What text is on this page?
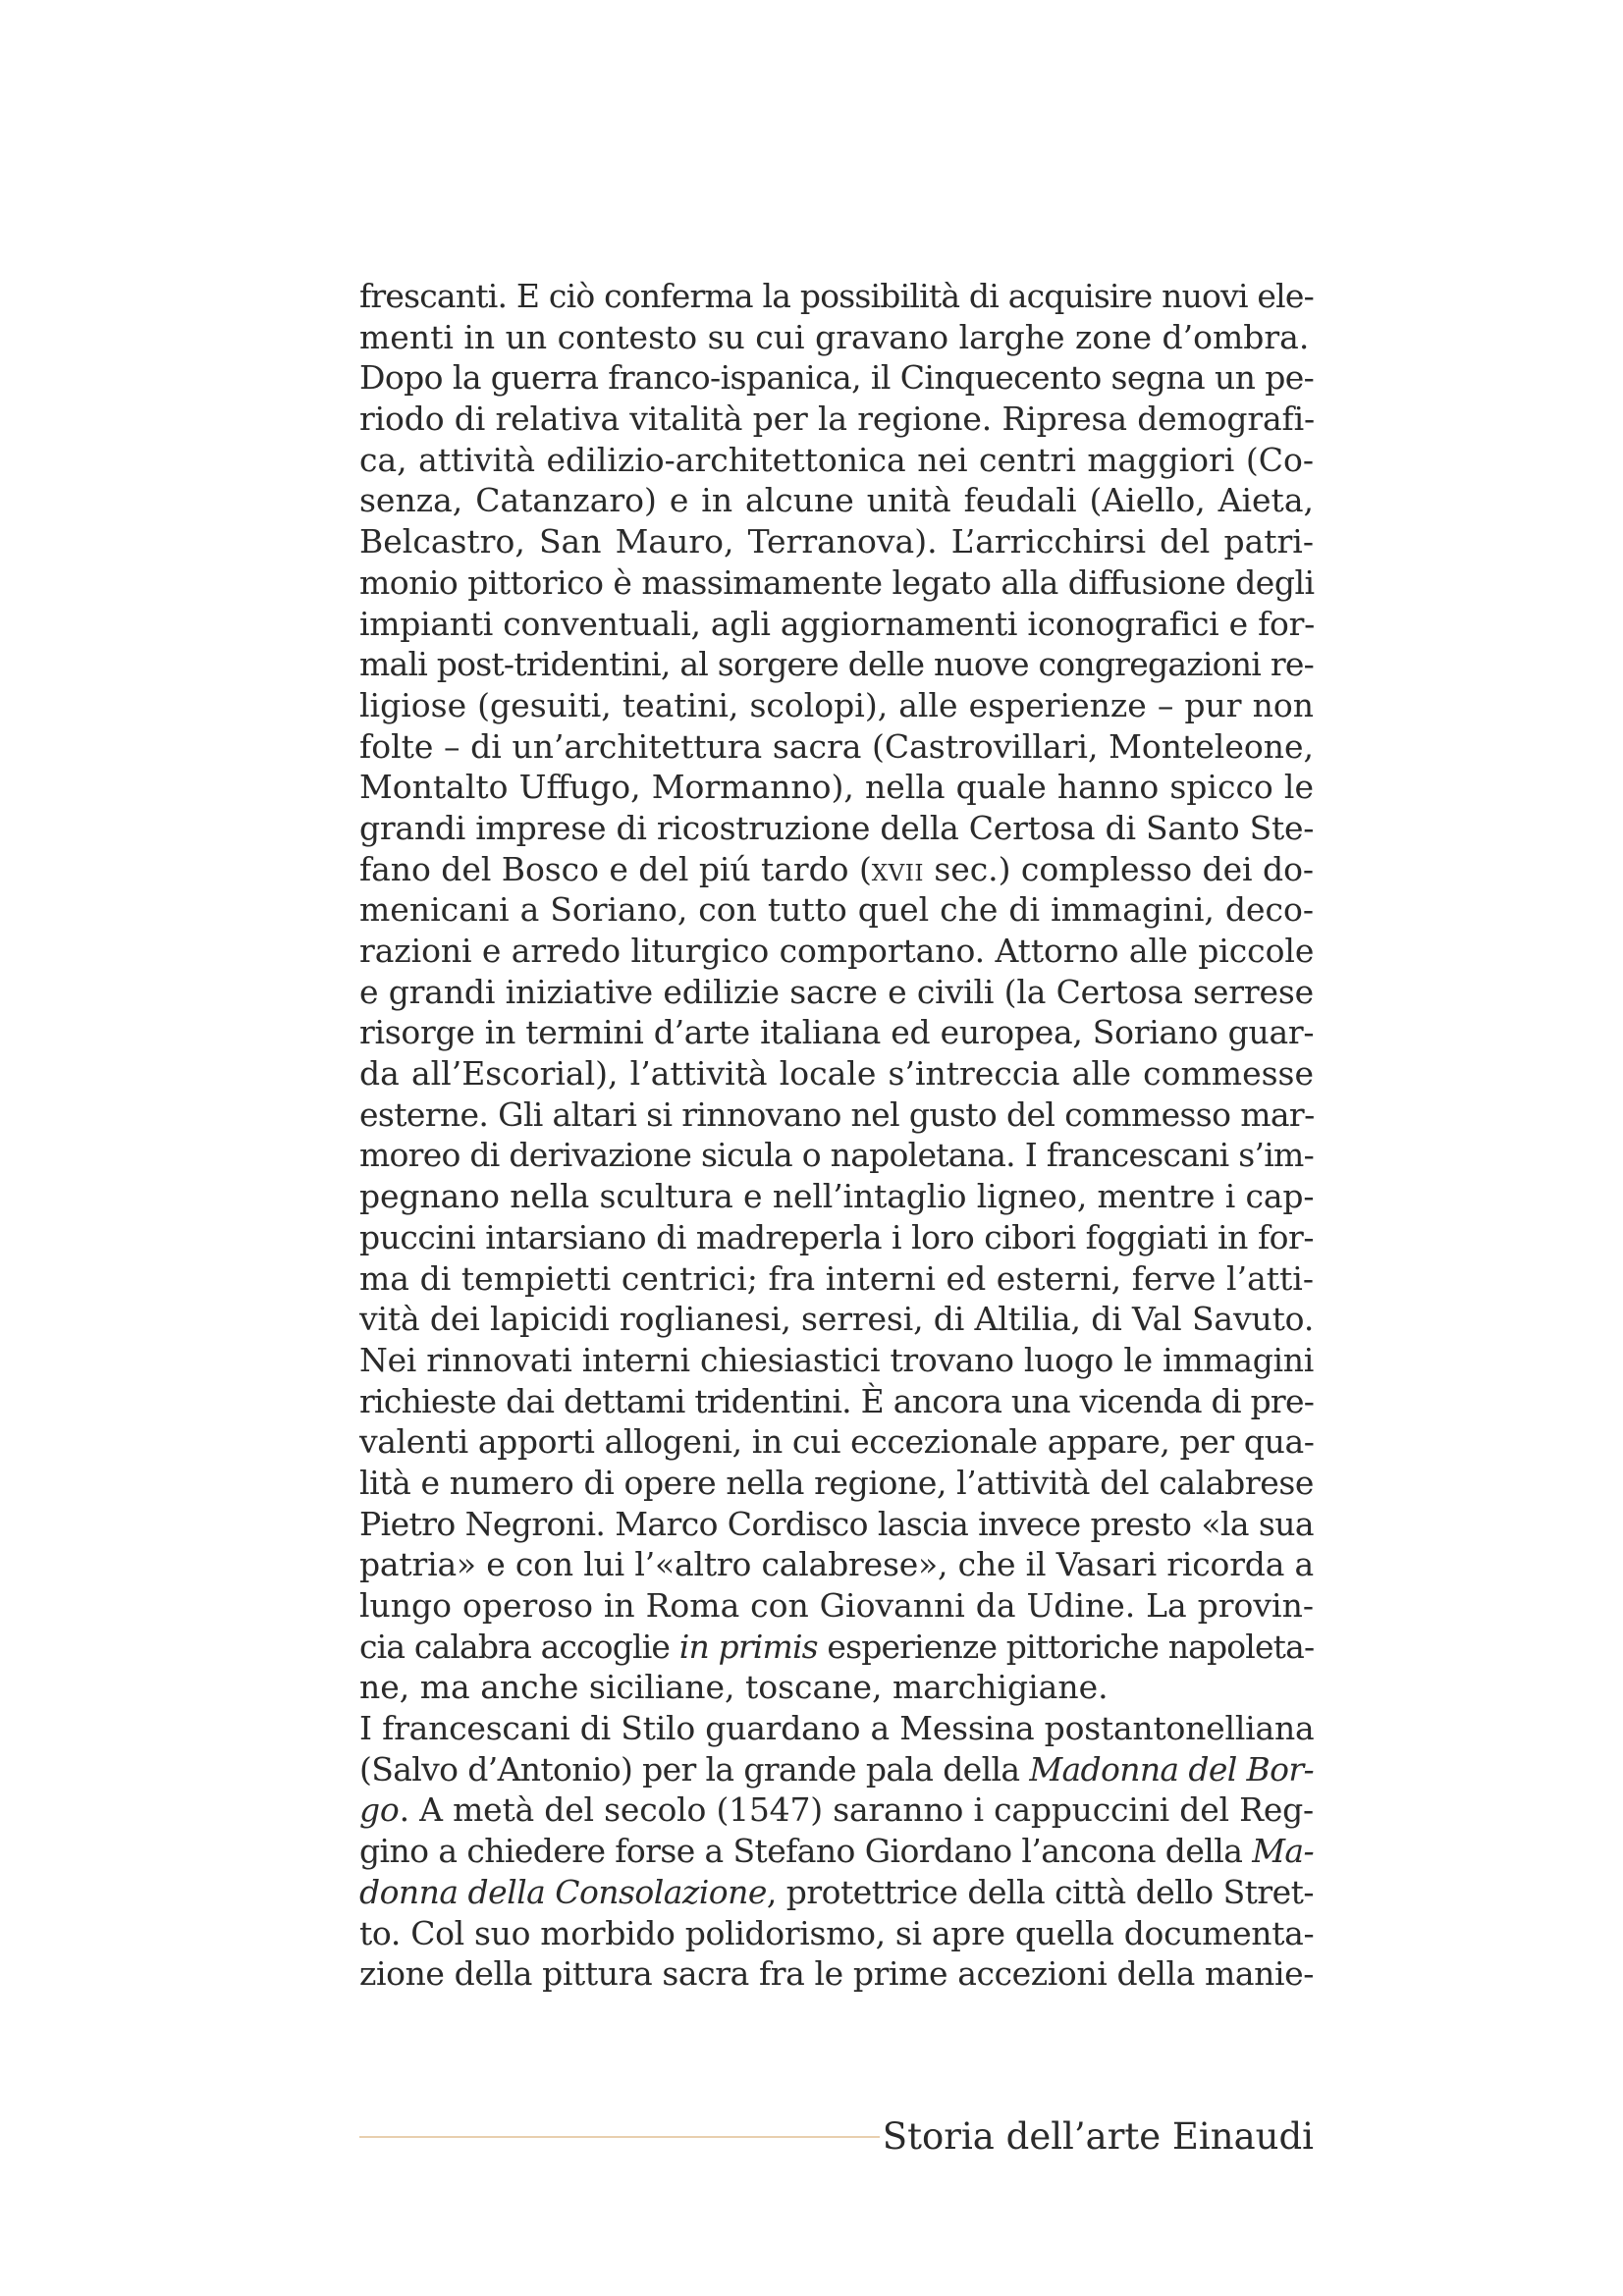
frescanti. E ciò conferma la possibilità di acquisire nuovi ele-
menti in un contesto su cui gravano larghe zone d’ombra.
Dopo la guerra franco-ispanica, il Cinquecento segna un pe-
riodo di relativa vitalità per la regione. Ripresa demografi-
ca, attività edilizio-architettonica nei centri maggiori (Co-
senza, Catanzaro) e in alcune unità feudali (Aiello, Aieta,
Belcastro, San Mauro, Terranova). L’arricchirsi del patri-
monio pittorico è massimamente legato alla diffusione degli
impianti conventuali, agli aggiornamenti iconografici e for-
mali post-tridentini, al sorgere delle nuove congregazioni re-
ligiose (gesuiti, teatini, scolopi), alle esperienze – pur non
folte – di un’architettura sacra (Castrovillari, Monteleone,
Montalto Uffugo, Mormanno), nella quale hanno spicco le
grandi imprese di ricostruzione della Certosa di Santo Ste-
fano del Bosco e del piú tardo (xvii sec.) complesso dei do-
menicani a Soriano, con tutto quel che di immagini, deco-
razioni e arredo liturgico comportano. Attorno alle piccole
e grandi iniziative edilizie sacre e civili (la Certosa serrese
risorge in termini d’arte italiana ed europea, Soriano guar-
da all’Escorial), l’attività locale s’intreccia alle commesse
esterne. Gli altari si rinnovano nel gusto del commesso mar-
moreo di derivazione sicula o napoletana. I francescani s’im-
pegnano nella scultura e nell’intaglio ligneo, mentre i cap-
puccini intarsiano di madreperla i loro cibori foggiati in for-
ma di tempietti centrici; fra interni ed esterni, ferve l’atti-
vità dei lapicidi roglianesi, serresi, di Altilia, di Val Savuto.
Nei rinnovati interni chiesiastici trovano luogo le immagini
richieste dai dettami tridentini. È ancora una vicenda di pre-
valenti apporti allogeni, in cui eccezionale appare, per qua-
lità e numero di opere nella regione, l’attività del calabrese
Pietro Negroni. Marco Cordisco lascia invece presto «la sua
patria» e con lui l’«altro calabrese», che il Vasari ricorda a
lungo operoso in Roma con Giovanni da Udine. La provin-
cia calabra accoglie in primis esperienze pittoriche napoleta-
ne, ma anche siciliane, toscane, marchigiane.
I francescani di Stilo guardano a Messina postantonelliana
(Salvo d’Antonio) per la grande pala della Madonna del Bor-
go. A metà del secolo (1547) saranno i cappuccini del Reg-
gino a chiedere forse a Stefano Giordano l’ancona della Ma-
donna della Consolazione, protettrice della città dello Stret-
to. Col suo morbido polidorismo, si apre quella documenta-
zione della pittura sacra fra le prime accezioni della manie-
Storia dell’arte Einaudi
